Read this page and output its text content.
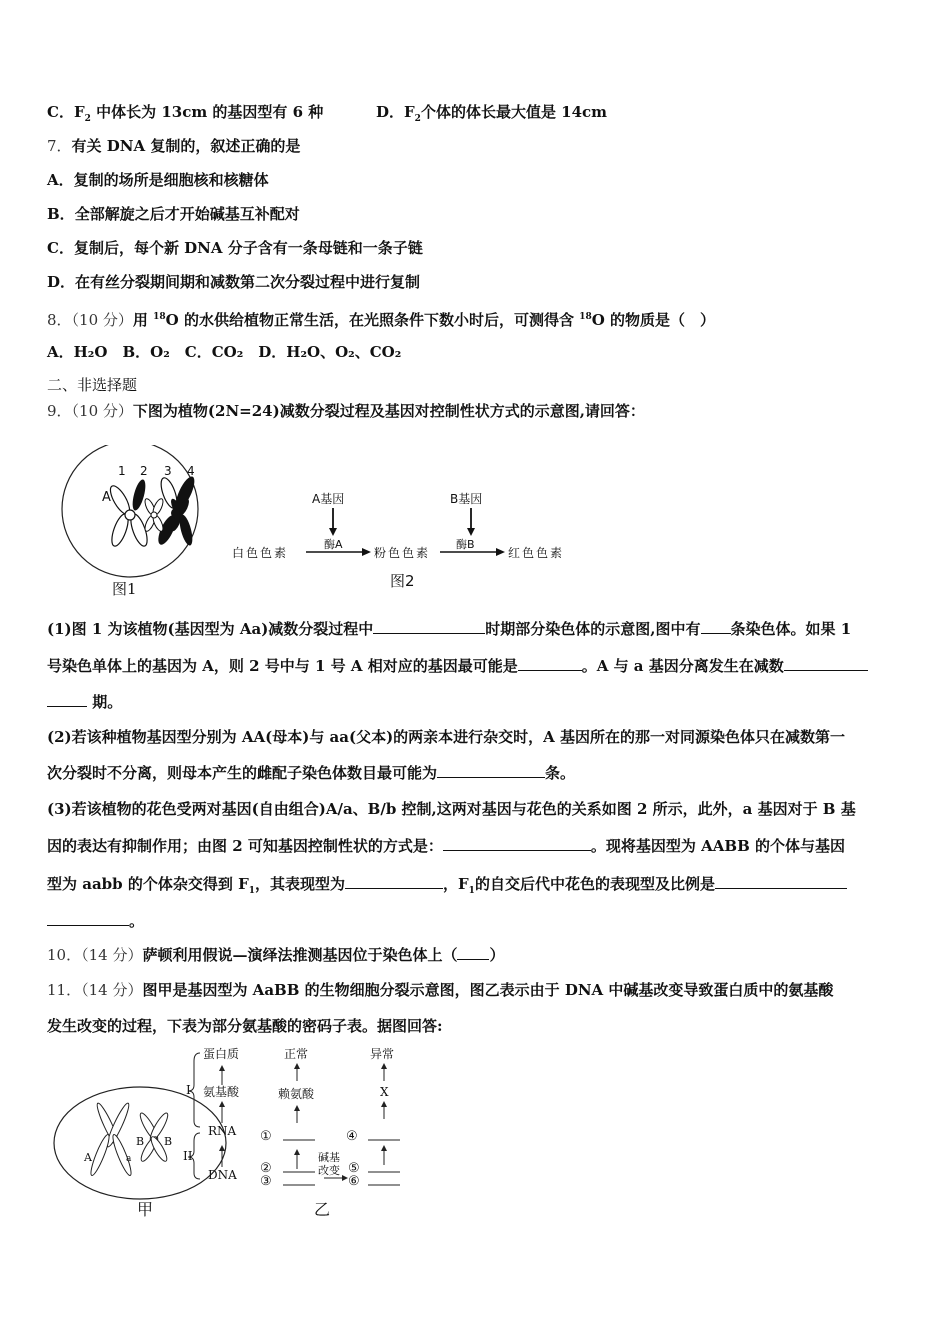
C．$F_2$ 中体长为 13cm 的基因型有 6 种	D．$F_2$个体的体长最大值是 14cm
7．有关 DNA 复制的，叙述正确的是
A．复制的场所是细胞核和核糖体
B．全部解旋之后才开始碱基互补配对
C．复制后，每个新 DNA 分子含有一条母链和一条子链
D．在有丝分裂期间期和减数第二次分裂过程中进行复制
8．（10 分）用 $^{18}$O 的水供给植物正常生活，在光照条件下数小时后，可测得含 $^{18}$O 的物质是（　）
A．H₂O　B．O₂　C．CO₂　D．H₂O、O₂、CO₂
二、非选择题
9．（10 分）下图为植物(2N=24)减数分裂过程及基因对控制性状方式的示意图,请回答：
A
1 2 3 4
图1
A基因	B基因
酶A	酶B
白色色素	粉色色素	红色色素
图2
(1)图 1 为该植物(基因型为 Aa)减数分裂过程中	时期部分染色体的示意图,图中有 条染色体。如果 1
号染色单体上的基因为 A，则 2 号中与 1 号 A 相对应的基因最可能是	。A 与 a 基因分离发生在减数
期。
(2)若该种植物基因型分别为 AA(母本)与 aa(父本)的两亲本进行杂交时，A 基因所在的那一对同源染色体只在减数第一
次分裂时不分离，则母本产生的雌配子染色体数目最可能为	条。
(3)若该植物的花色受两对基因(自由组合)A/a、B/b 控制,这两对基因与花色的关系如图 2 所示，此外，a 基因对于 B 基
因的表达有抑制作用；由图 2 可知基因控制性状的方式是：	。现将基因型为 AABB 的个体与基因
型为 aabb 的个体杂交得到 $F_1$，其表现型为	，$F_1$的自交后代中花色的表现型及比例是
。
10．（14 分）萨顿利用假说—演绎法推测基因位于染色体上（ ）
11．（14 分）图甲是基因型为 AaBB 的生物细胞分裂示意图，图乙表示由于 DNA 中碱基改变导致蛋白质中的氨基酸
发生改变的过程，下表为部分氨基酸的密码子表。据图回答:
A	a
B B
蛋白质
氨基酸
RNA
DNA
I
II
正常	异常
赖氨酸	X
碱基
改变
①
②
③
④
⑤
⑥
甲	乙
